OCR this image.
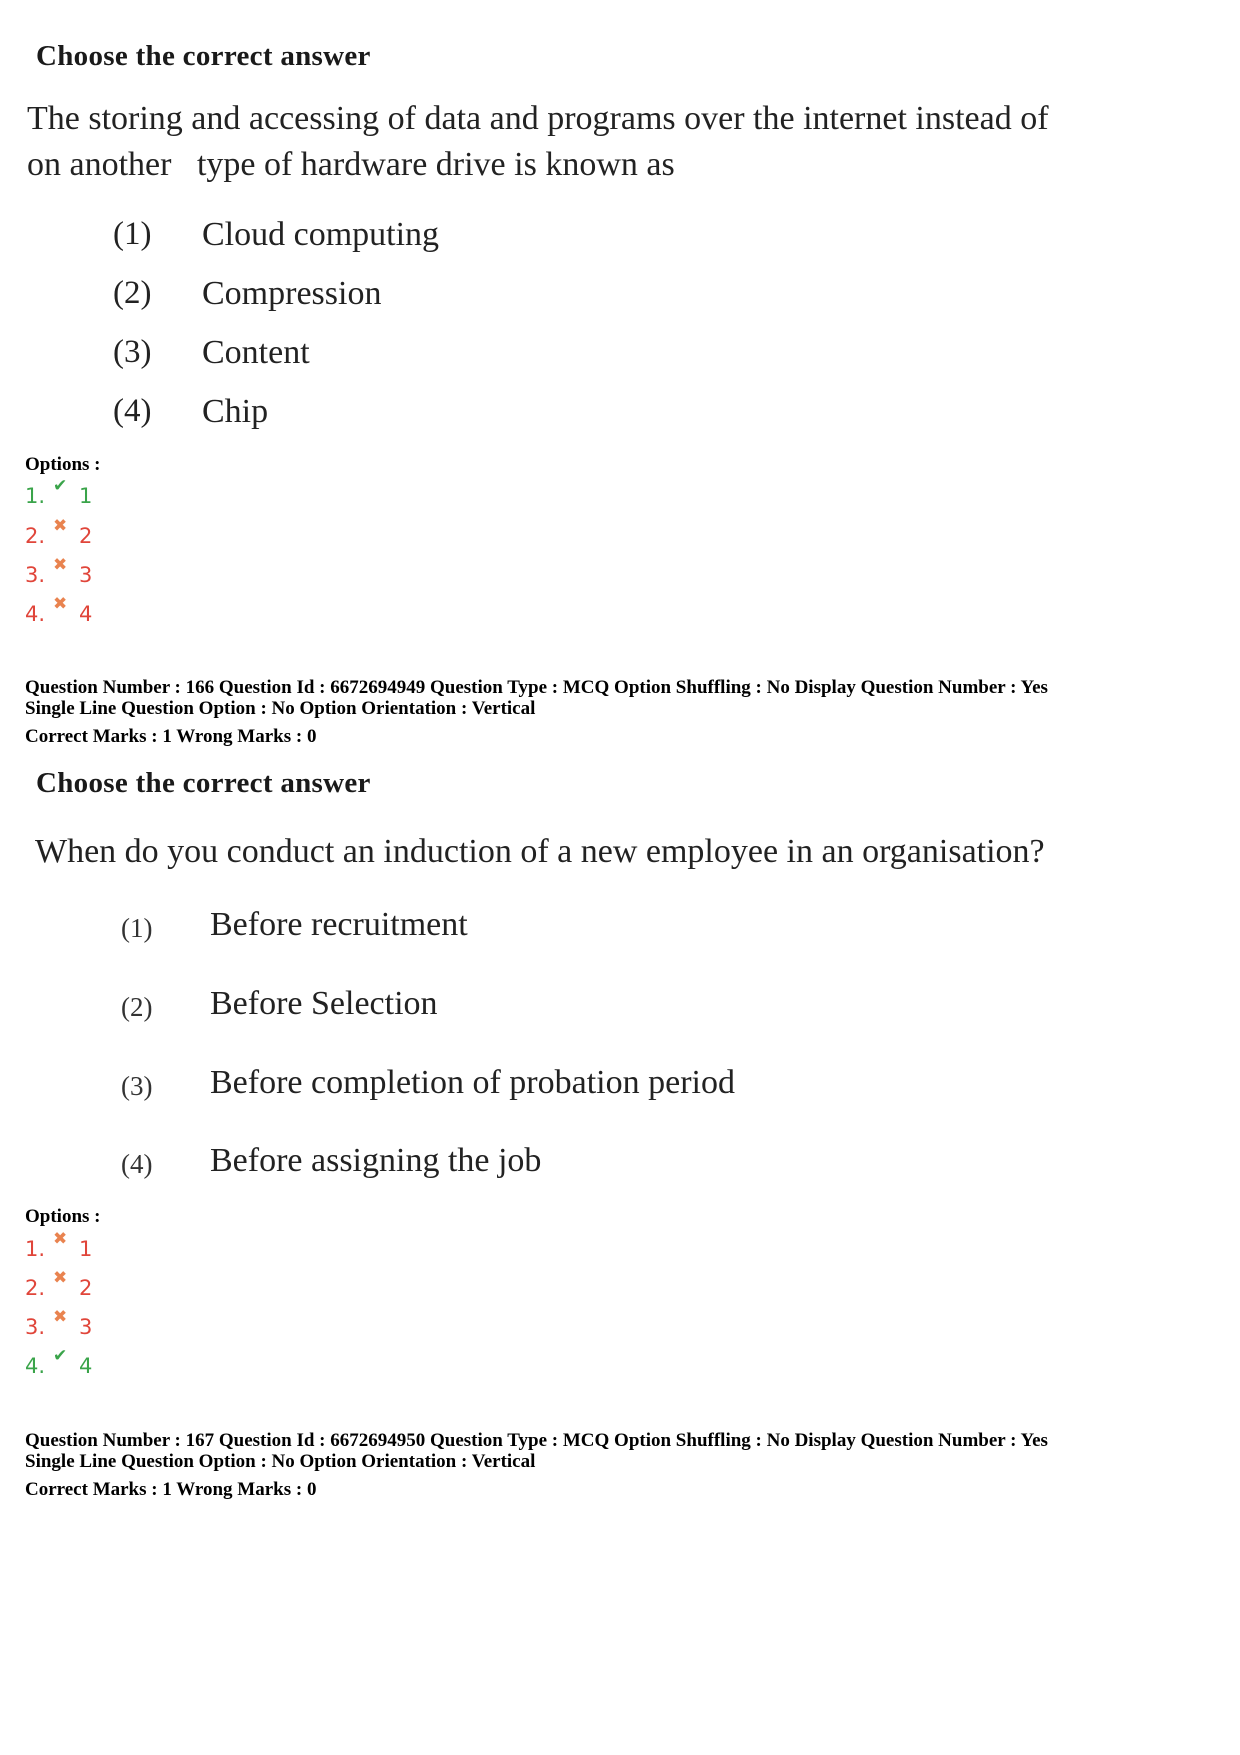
Choose the correct answer
The storing and accessing of data and programs over the internet instead of
on another   type of hardware drive is known as
(1) Cloud computing
(2) Compression
(3) Content
(4) Chip
Options :
1. ✔ 1
2. ✖ 2
3. ✖ 3
4. ✖ 4
Question Number : 166 Question Id : 6672694949 Question Type : MCQ Option Shuffling : No Display Question Number : Yes
Single Line Question Option : No Option Orientation : Vertical
Correct Marks : 1 Wrong Marks : 0
Choose the correct answer
When do you conduct an induction of a new employee in an organisation?
(1) Before recruitment
(2) Before Selection
(3) Before completion of probation period
(4) Before assigning the job
Options :
1. ✖ 1
2. ✖ 2
3. ✖ 3
4. ✔ 4
Question Number : 167 Question Id : 6672694950 Question Type : MCQ Option Shuffling : No Display Question Number : Yes
Single Line Question Option : No Option Orientation : Vertical
Correct Marks : 1 Wrong Marks : 0
